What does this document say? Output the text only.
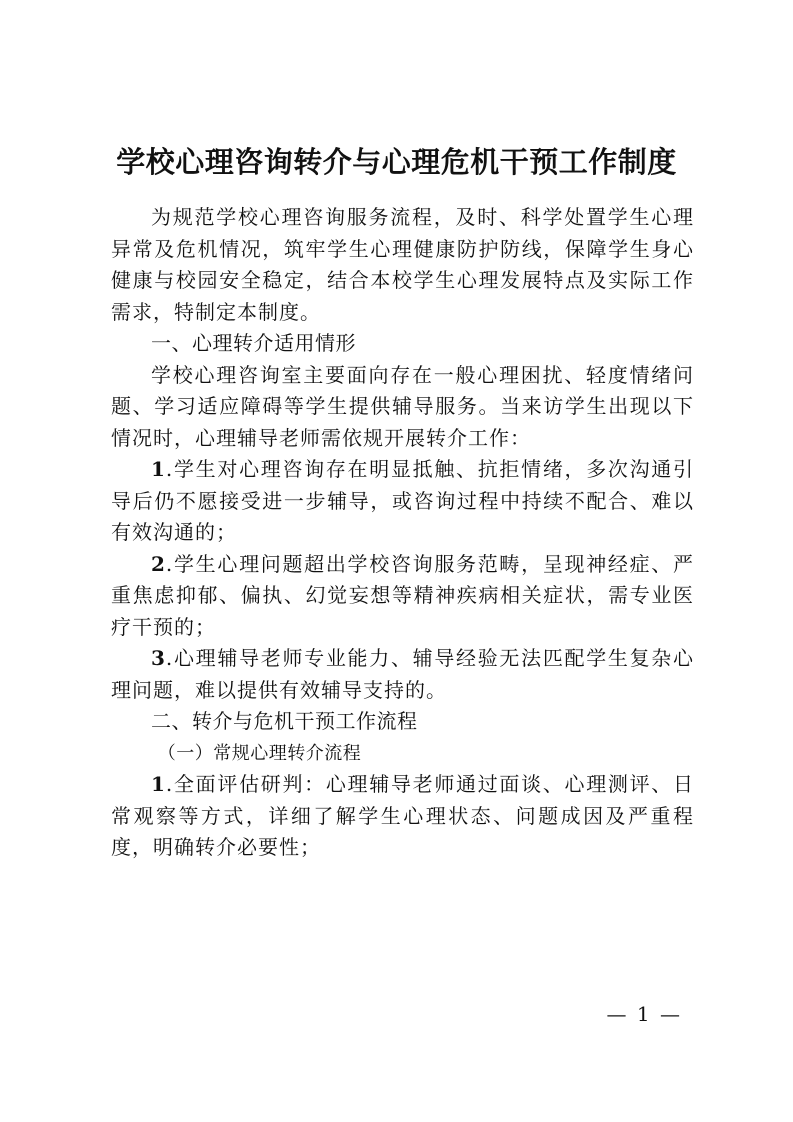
学校心理咨询转介与心理危机干预工作制度

为规范学校心理咨询服务流程，及时、科学处置学生心理异常及危机情况，筑牢学生心理健康防护防线，保障学生身心健康与校园安全稳定，结合本校学生心理发展特点及实际工作需求，特制定本制度。

一、心理转介适用情形

学校心理咨询室主要面向存在一般心理困扰、轻度情绪问题、学习适应障碍等学生提供辅导服务。当来访学生出现以下情况时，心理辅导老师需依规开展转介工作：

1.学生对心理咨询存在明显抵触、抗拒情绪，多次沟通引导后仍不愿接受进一步辅导，或咨询过程中持续不配合、难以有效沟通的；

2.学生心理问题超出学校咨询服务范畴，呈现神经症、严重焦虑抑郁、偏执、幻觉妄想等精神疾病相关症状，需专业医疗干预的；

3.心理辅导老师专业能力、辅导经验无法匹配学生复杂心理问题，难以提供有效辅导支持的。

二、转介与危机干预工作流程

（一）常规心理转介流程

1.全面评估研判：心理辅导老师通过面谈、心理测评、日常观察等方式，详细了解学生心理状态、问题成因及严重程度，明确转介必要性；

— 1 —
